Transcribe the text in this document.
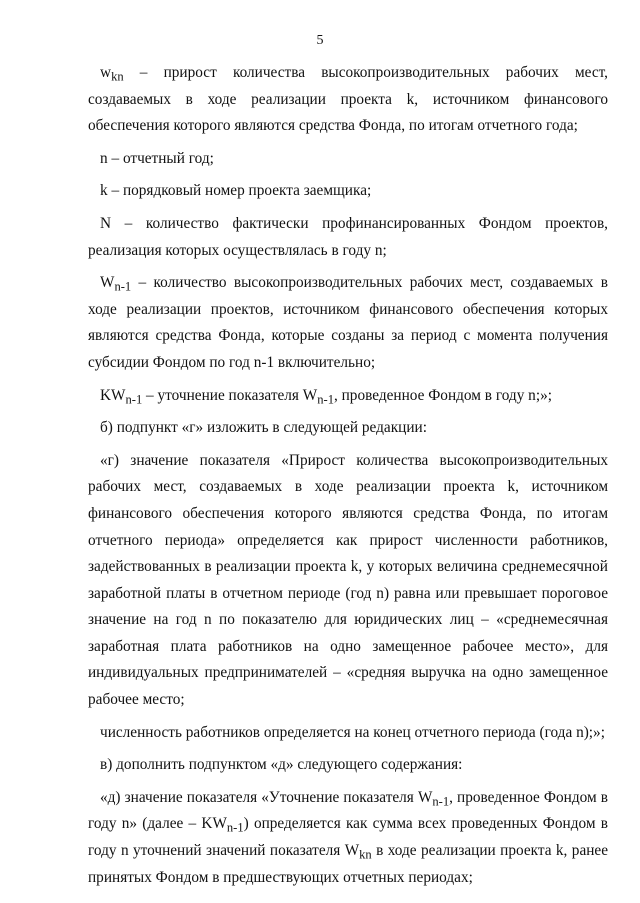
5

$w_{kn}$ – прирост количества высокопроизводительных рабочих мест, создаваемых в ходе реализации проекта k, источником финансового обеспечения которого являются средства Фонда, по итогам отчетного года;

n – отчетный год;

k – порядковый номер проекта заемщика;

N – количество фактически профинансированных Фондом проектов, реализация которых осуществлялась в году n;

$W_{n-1}$ – количество высокопроизводительных рабочих мест, создаваемых в ходе реализации проектов, источником финансового обеспечения которых являются средства Фонда, которые созданы за период с момента получения субсидии Фондом по год n-1 включительно;

$KW_{n-1}$ – уточнение показателя $W_{n-1}$, проведенное Фондом в году n;»;

б) подпункт «г» изложить в следующей редакции:

«г) значение показателя «Прирост количества высокопроизводительных рабочих мест, создаваемых в ходе реализации проекта k, источником финансового обеспечения которого являются средства Фонда, по итогам отчетного периода» определяется как прирост численности работников, задействованных в реализации проекта k, у которых величина среднемесячной заработной платы в отчетном периоде (год n) равна или превышает пороговое значение на год n по показателю для юридических лиц – «среднемесячная заработная плата работников на одно замещенное рабочее место», для индивидуальных предпринимателей – «средняя выручка на одно замещенное рабочее место;

численность работников определяется на конец отчетного периода (года n);»;

в) дополнить подпунктом «д» следующего содержания:

«д) значение показателя «Уточнение показателя $W_{n-1}$, проведенное Фондом в году n» (далее – $KW_{n-1}$) определяется как сумма всех проведенных Фондом в году n уточнений значений показателя $W_{kn}$ в ходе реализации проекта k, ранее принятых Фондом в предшествующих отчетных периодах;
